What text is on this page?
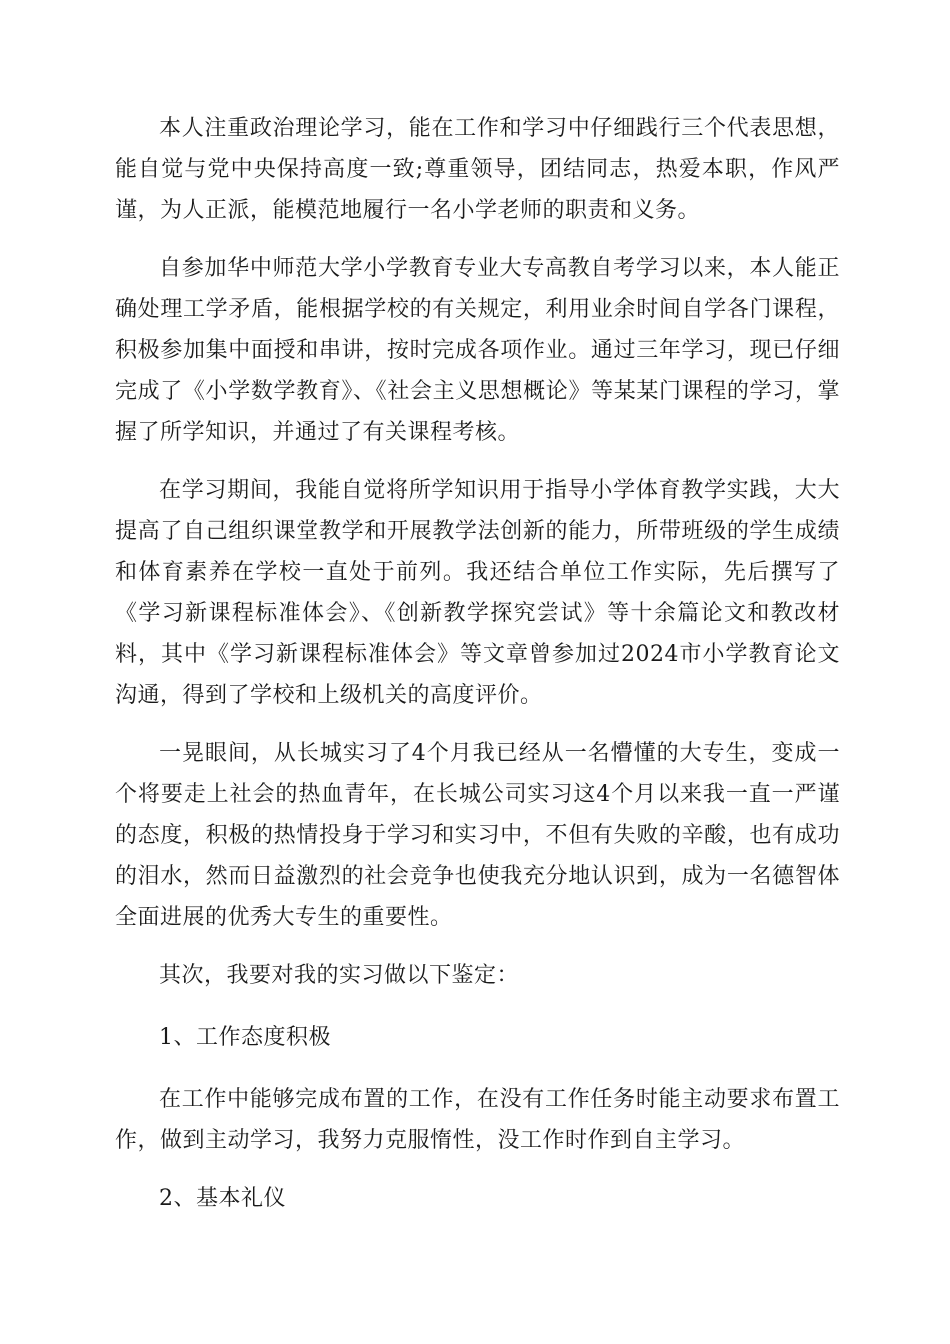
本人注重政治理论学习，能在工作和学习中仔细践行三个代表思想，能自觉与党中央保持高度一致;尊重领导，团结同志，热爱本职，作风严谨，为人正派，能模范地履行一名小学老师的职责和义务。

自参加华中师范大学小学教育专业大专高教自考学习以来，本人能正确处理工学矛盾，能根据学校的有关规定，利用业余时间自学各门课程，积极参加集中面授和串讲，按时完成各项作业。通过三年学习，现已仔细完成了《小学数学教育》、《社会主义思想概论》等某某门课程的学习，掌握了所学知识，并通过了有关课程考核。

在学习期间，我能自觉将所学知识用于指导小学体育教学实践，大大提高了自己组织课堂教学和开展教学法创新的能力，所带班级的学生成绩和体育素养在学校一直处于前列。我还结合单位工作实际，先后撰写了《学习新课程标准体会》、《创新教学探究尝试》等十余篇论文和教改材料，其中《学习新课程标准体会》等文章曾参加过2024市小学教育论文沟通，得到了学校和上级机关的高度评价。

一晃眼间，从长城实习了4个月我已经从一名懵懂的大专生，变成一个将要走上社会的热血青年，在长城公司实习这4个月以来我一直一严谨的态度，积极的热情投身于学习和实习中，不但有失败的辛酸，也有成功的泪水，然而日益激烈的社会竞争也使我充分地认识到，成为一名德智体全面进展的优秀大专生的重要性。

其次，我要对我的实习做以下鉴定：

1、工作态度积极

在工作中能够完成布置的工作，在没有工作任务时能主动要求布置工作，做到主动学习，我努力克服惰性，没工作时作到自主学习。

2、基本礼仪
